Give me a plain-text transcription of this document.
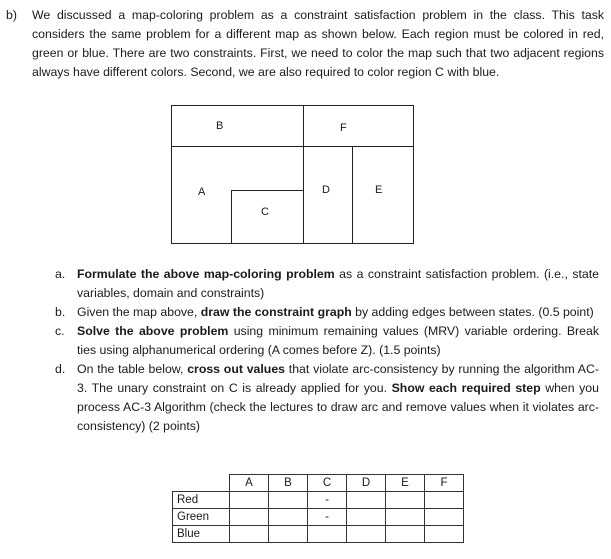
b) We discussed a map-coloring problem as a constraint satisfaction problem in the class. This task considers the same problem for a different map as shown below. Each region must be colored in red, green or blue. There are two constraints. First, we need to color the map such that two adjacent regions always have different colors. Second, we are also required to color region C with blue.
B	F
A
C
D	E
a. Formulate the above map-coloring problem as a constraint satisfaction problem. (i.e., state variables, domain and constraints)
b. Given the map above, draw the constraint graph by adding edges between states. (0.5 point)
c. Solve the above problem using minimum remaining values (MRV) variable ordering. Break ties using alphanumerical ordering (A comes before Z). (1.5 points)
d. On the table below, cross out values that violate arc-consistency by running the algorithm AC-3. The unary constraint on C is already applied for you. Show each required step when you process AC-3 Algorithm (check the lectures to draw arc and remove values when it violates arc-consistency) (2 points)
	A	B	C	D	E	F
Red			-			
Green			-			
Blue						
